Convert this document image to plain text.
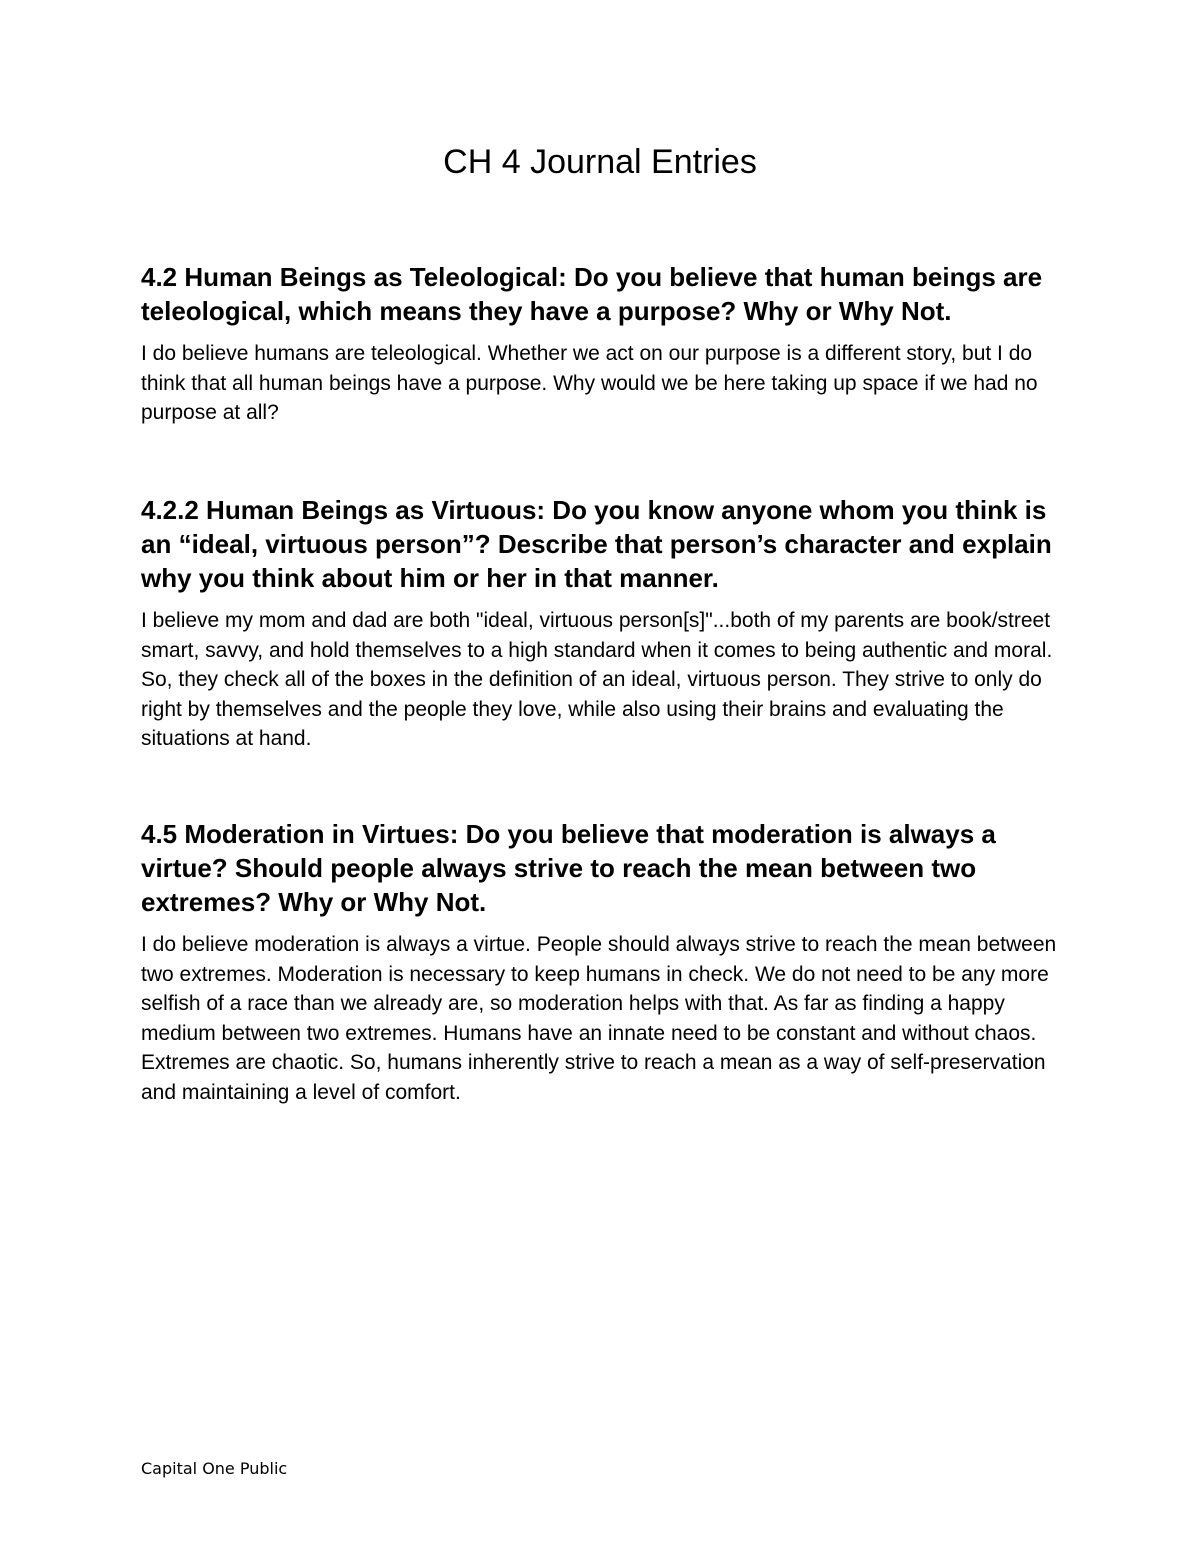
CH 4 Journal Entries
4.2 Human Beings as Teleological: Do you believe that human beings are teleological, which means they have a purpose? Why or Why Not.

I do believe humans are teleological. Whether we act on our purpose is a different story, but I do think that all human beings have a purpose. Why would we be here taking up space if we had no purpose at all?

4.2.2 Human Beings as Virtuous: Do you know anyone whom you think is an “ideal, virtuous person”? Describe that person’s character and explain why you think about him or her in that manner.

I believe my mom and dad are both "ideal, virtuous person[s]"...both of my parents are book/street  smart, savvy, and hold themselves to a high standard when it comes to being authentic and moral. So, they check all of the boxes in the definition of an ideal, virtuous person. They strive to only do right by themselves and the people they love, while also using their brains and evaluating the situations at hand.

4.5 Moderation in Virtues: Do you believe that moderation is always a virtue? Should people always strive to reach the mean between two extremes? Why or Why Not.

I do believe moderation is always a virtue. People should always strive to reach the mean between two extremes. Moderation is necessary to keep humans in check. We do not need to be any more selfish of a race than we already are, so moderation helps with that. As far as finding a happy medium between two extremes. Humans have an innate need to be constant and without chaos. Extremes are chaotic. So, humans inherently strive to reach a mean as a way of self-preservation and maintaining a level of comfort.

Capital One Public
